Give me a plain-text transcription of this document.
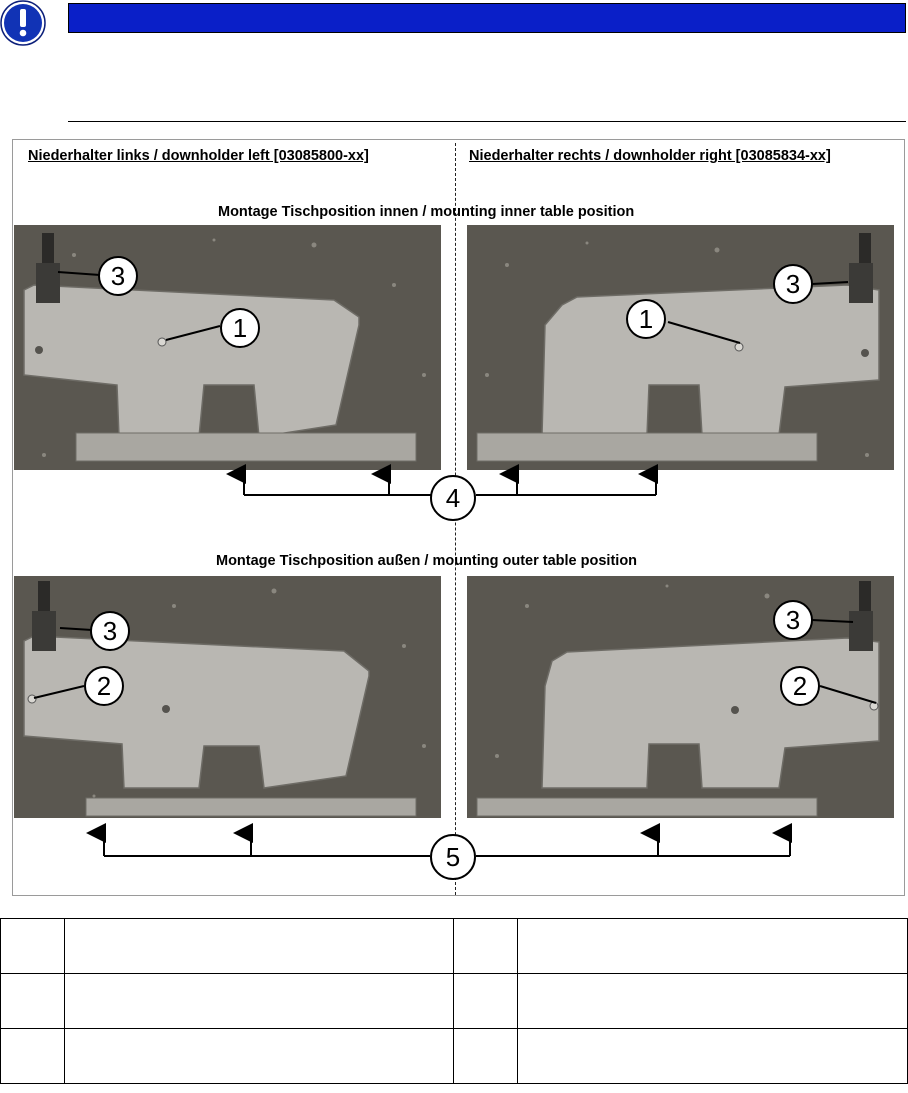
Niederhalter links / downholder left [03085800-xx]	Niederhalter rechts / downholder right [03085834-xx]
Montage Tischposition innen / mounting inner table position
Montage Tischposition außen / mounting outer table position
1	1
3	3
4
3
2
3
2
5
